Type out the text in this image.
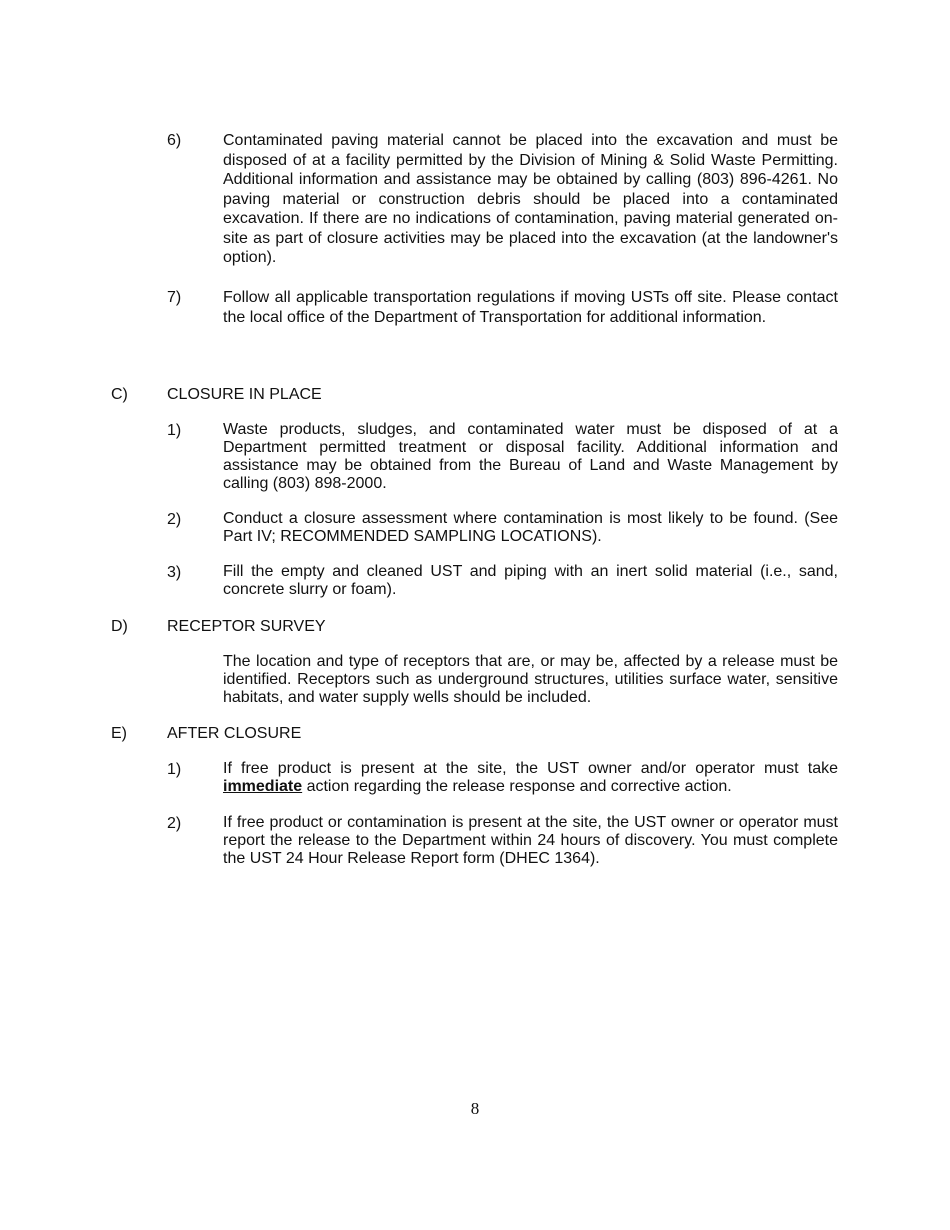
6)	Contaminated paving material cannot be placed into the excavation and must be disposed of at a facility permitted by the Division of Mining & Solid Waste Permitting. Additional information and assistance may be obtained by calling (803) 896-4261. No paving material or construction debris should be placed into a contaminated excavation. If there are no indications of contamination, paving material generated on-site as part of closure activities may be placed into the excavation (at the landowner's option).
7)	Follow all applicable transportation regulations if moving USTs off site. Please contact the local office of the Department of Transportation for additional information.
C) CLOSURE IN PLACE
1)	Waste products, sludges, and contaminated water must be disposed of at a Department permitted treatment or disposal facility. Additional information and assistance may be obtained from the Bureau of Land and Waste Management by calling (803) 898-2000.
2)	Conduct a closure assessment where contamination is most likely to be found. (See Part IV; RECOMMENDED SAMPLING LOCATIONS).
3)	Fill the empty and cleaned UST and piping with an inert solid material (i.e., sand, concrete slurry or foam).
D) RECEPTOR SURVEY
The location and type of receptors that are, or may be, affected by a release must be identified. Receptors such as underground structures, utilities surface water, sensitive habitats, and water supply wells should be included.
E)	AFTER CLOSURE
1)	If free product is present at the site, the UST owner and/or operator must take immediate action regarding the release response and corrective action.
2)	If free product or contamination is present at the site, the UST owner or operator must report the release to the Department within 24 hours of discovery. You must complete the UST 24 Hour Release Report form (DHEC 1364).
8
